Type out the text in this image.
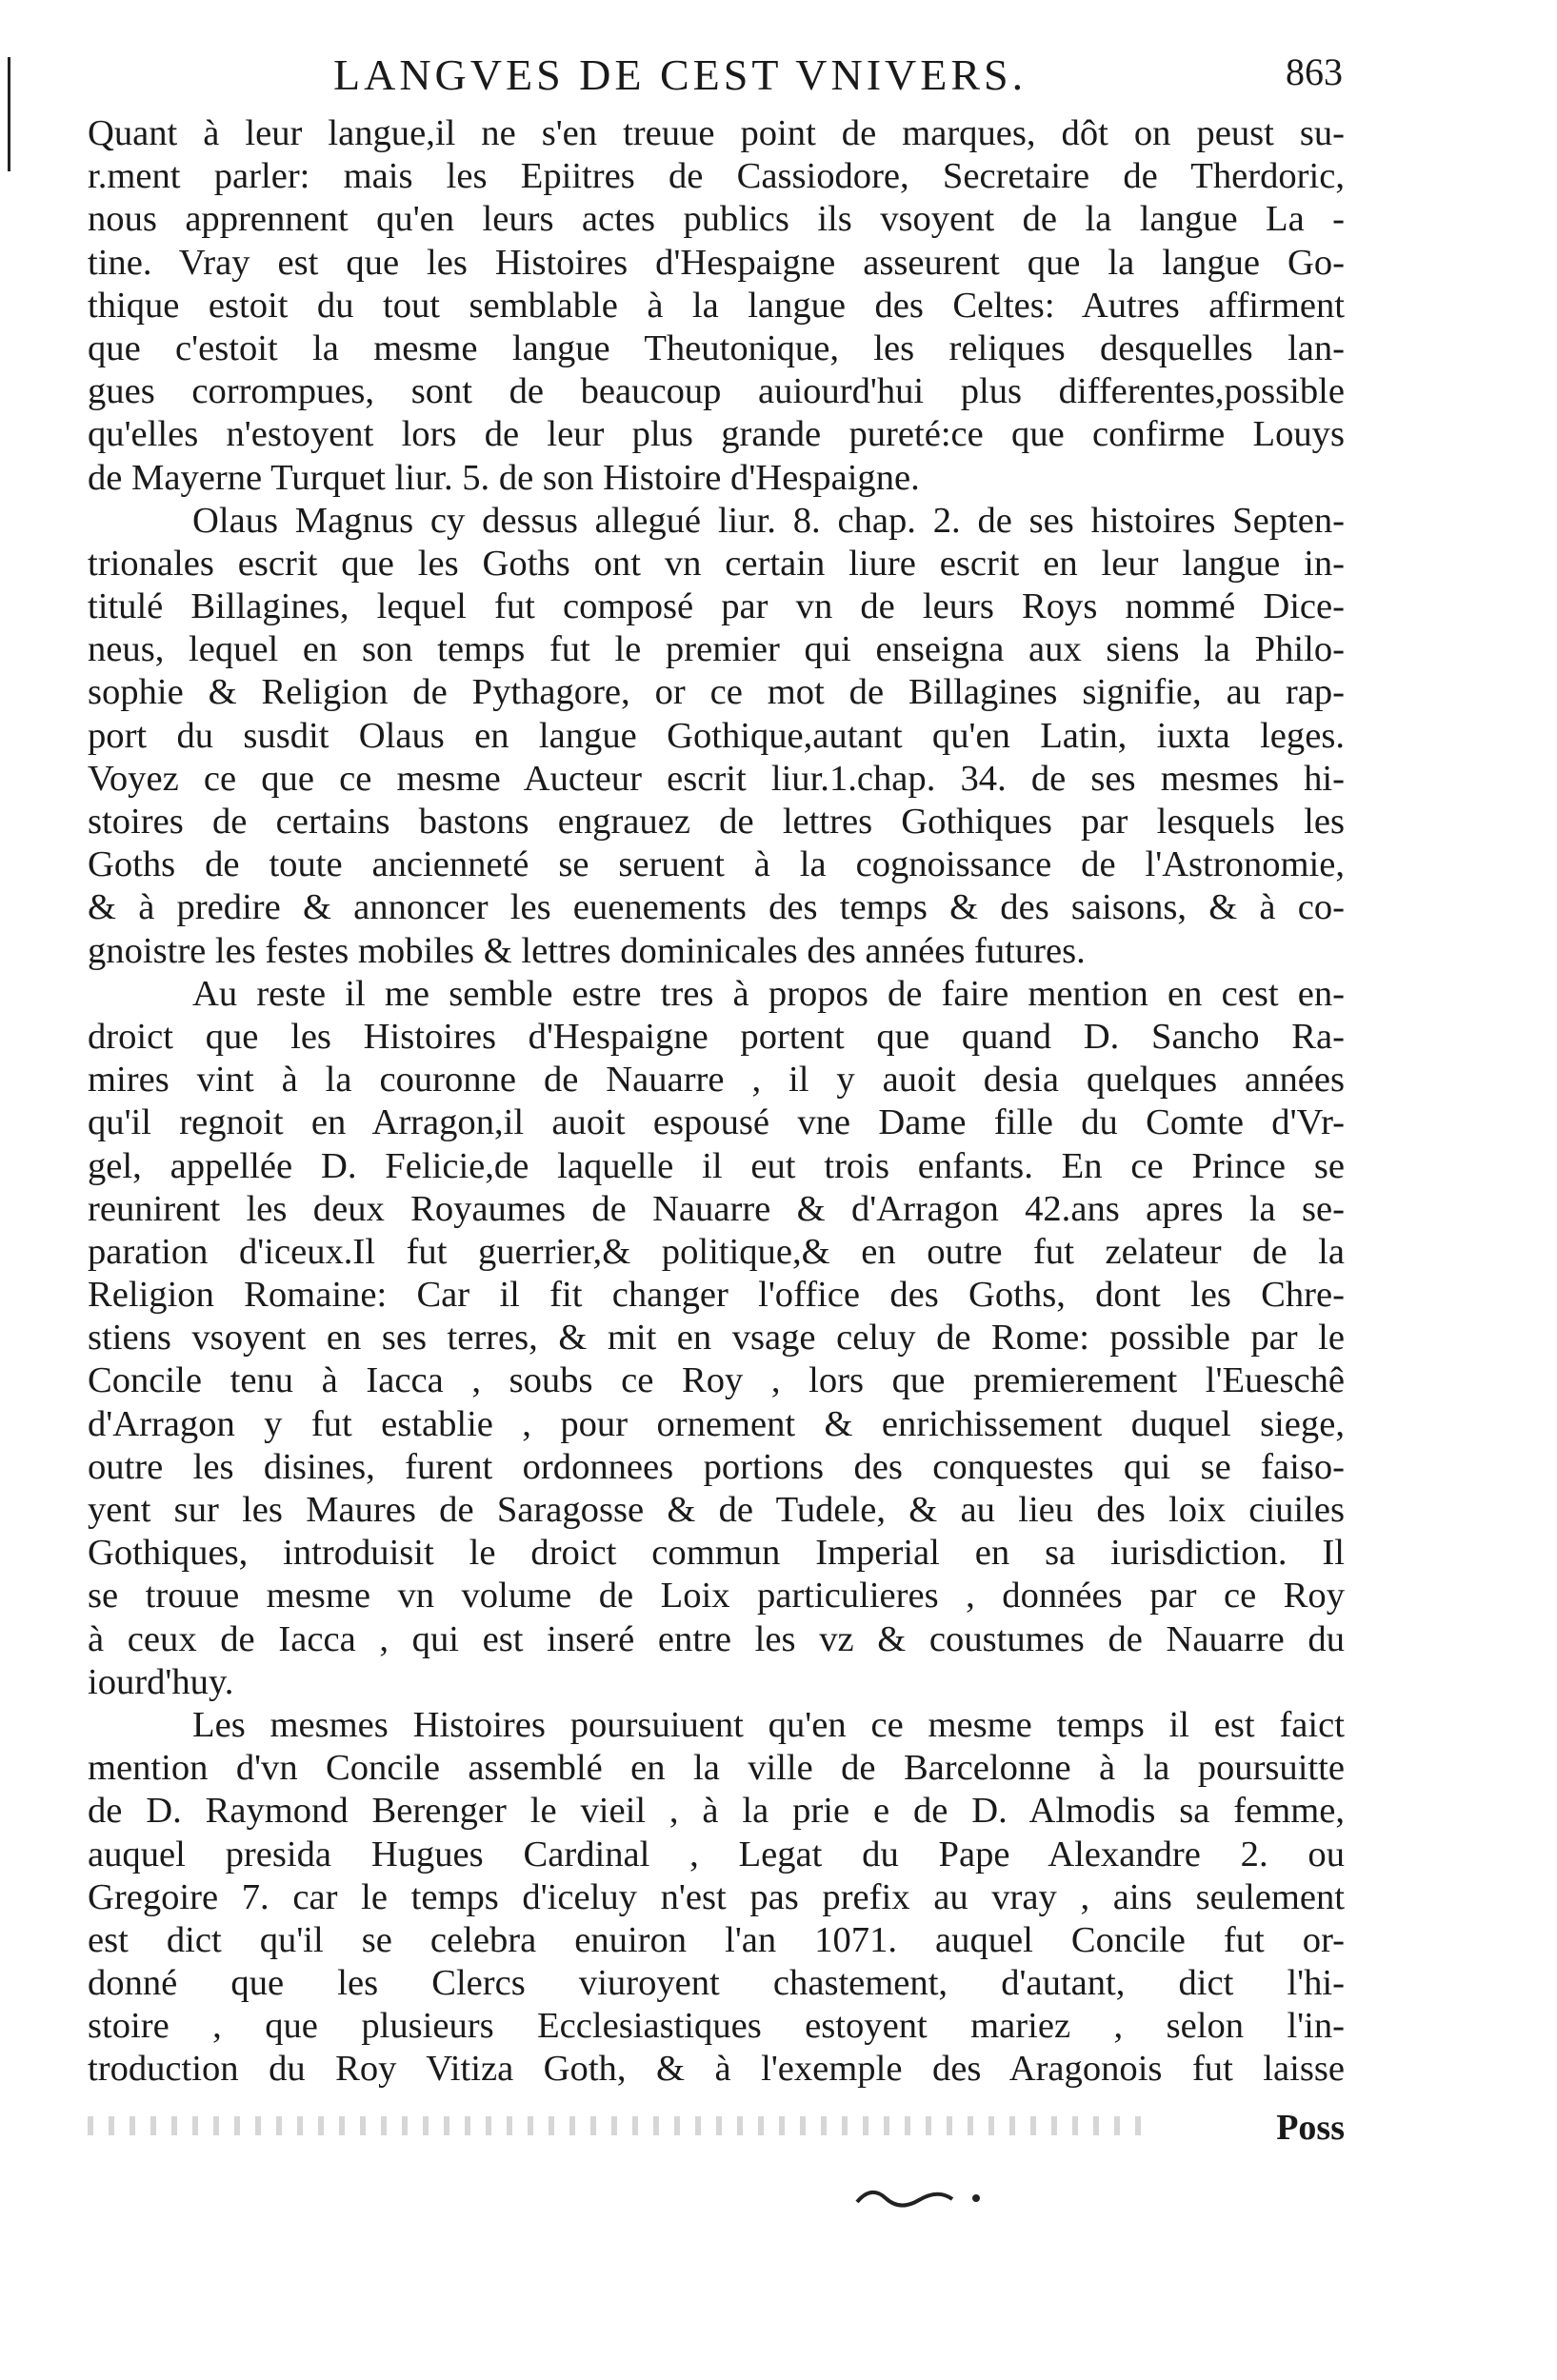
LANGVES DE CEST VNIVERS.	863
Quant à leur langue,il ne s'en treuue point de marques, dôt on peust su-
r.ment parler: mais les Epiitres de Cassiodore, Secretaire de Therdoric,
nous apprennent qu'en leurs actes publics ils vsoyent de la langue La -
tine. Vray est que les Histoires d'Hespaigne asseurent que la langue Go-
thique estoit du tout semblable à la langue des Celtes: Autres affirment
que c'estoit la mesme langue Theutonique, les reliques desquelles lan-
gues corrompues, sont de beaucoup auiourd'hui plus differentes,possible
qu'elles n'estoyent lors de leur plus grande pureté:ce que confirme Louys
de Mayerne Turquet liur. 5. de son Histoire d'Hespaigne.
Olaus Magnus cy dessus allegué liur. 8. chap. 2. de ses histoires Septen-
trionales escrit que les Goths ont vn certain liure escrit en leur langue in-
titulé Billagines, lequel fut composé par vn de leurs Roys nommé Dice-
neus, lequel en son temps fut le premier qui enseigna aux siens la Philo-
sophie & Religion de Pythagore, or ce mot de Billagines signifie, au rap-
port du susdit Olaus en langue Gothique,autant qu'en Latin, iuxta leges.
Voyez ce que ce mesme Aucteur escrit liur.1.chap. 34. de ses mesmes hi-
stoires de certains bastons engrauez de lettres Gothiques par lesquels les
Goths de toute ancienneté se seruent à la cognoissance de l'Astronomie,
& à predire & annoncer les euenements des temps & des saisons, & à co-
gnoistre les festes mobiles & lettres dominicales des années futures.
Au reste il me semble estre tres à propos de faire mention en cest en-
droict que les Histoires d'Hespaigne portent que quand D. Sancho Ra-
mires vint à la couronne de Nauarre , il y auoit desia quelques années
qu'il regnoit en Arragon,il auoit espousé vne Dame fille du Comte d'Vr-
gel, appellée D. Felicie,de laquelle il eut trois enfants. En ce Prince se
reunirent les deux Royaumes de Nauarre & d'Arragon 42.ans apres la se-
paration d'iceux.Il fut guerrier,& politique,& en outre fut zelateur de la
Religion Romaine: Car il fit changer l'office des Goths, dont les Chre-
stiens vsoyent en ses terres, & mit en vsage celuy de Rome: possible par le
Concile tenu à Iacca , soubs ce Roy , lors que premierement l'Eueschê
d'Arragon y fut establie , pour ornement & enrichissement duquel siege,
outre les disines, furent ordonnees portions des conquestes qui se faiso-
yent sur les Maures de Saragosse & de Tudele, & au lieu des loix ciuiles
Gothiques, introduisit le droict commun Imperial en sa iurisdiction. Il
se trouue mesme vn volume de Loix particulieres , données par ce Roy
à ceux de Iacca , qui est inseré entre les vz & coustumes de Nauarre du
iourd'huy.
Les mesmes Histoires poursuiuent qu'en ce mesme temps il est faict
mention d'vn Concile assemblé en la ville de Barcelonne à la poursuitte
de D. Raymond Berenger le vieil , à la prie e de D. Almodis sa femme,
auquel presida Hugues Cardinal , Legat du Pape Alexandre 2. ou
Gregoire 7. car le temps d'iceluy n'est pas prefix au vray , ains seulement
est dict qu'il se celebra enuiron l'an 1071. auquel Concile fut or-
donné que les Clercs viuroyent chastement, d'autant, dict l'hi-
stoire , que plusieurs Ecclesiastiques estoyent mariez , selon l'in-
troduction du Roy Vitiza Goth, & à l'exemple des Aragonois fut laisse
Poss
